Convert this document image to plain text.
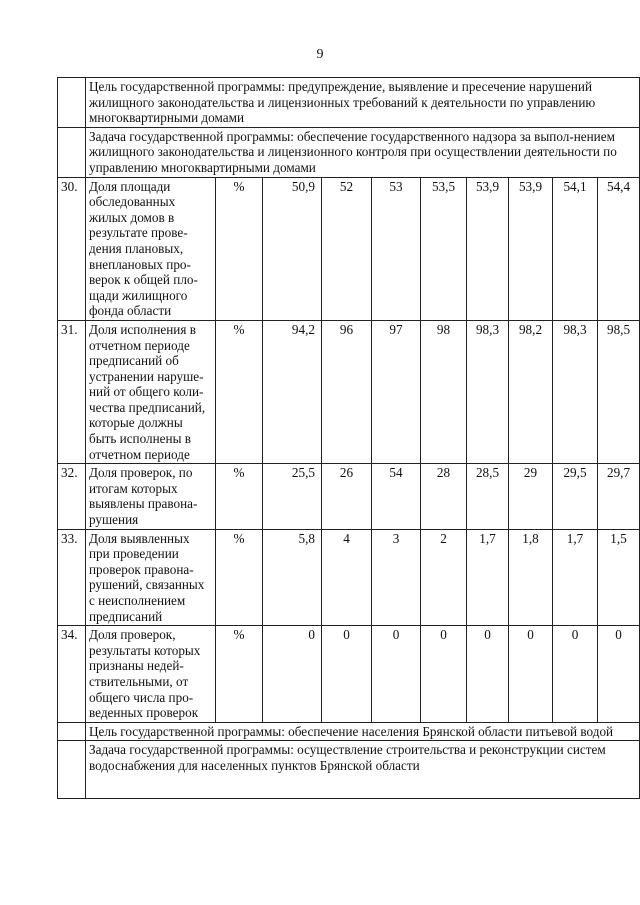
9
	Цель государственной программы: предупреждение, выявление и пресечение нарушений жилищного законодательства и лицензионных требований к деятельности по управлению многоквартирными домами									
	Задача государственной программы: обеспечение государственного надзора за выпол-нением жилищного законодательства и лицензионного контроля при осуществлении деятельности по управлению многоквартирными домами									
30.	Доля площади обследованных жилых домов в результате прове-дения плановых, внеплановых про-верок к общей пло-щади жилищного фонда области	%	50,9	52	53	53,5	53,9	53,9	54,1	54,4
31.	Доля исполнения в отчетном периоде предписаний об устранении наруше-ний от общего коли-чества предписаний, которые должны быть исполнены в отчетном периоде	%	94,2	96	97	98	98,3	98,2	98,3	98,5
32.	Доля проверок, по итогам которых выявлены правона-рушения	%	25,5	26	54	28	28,5	29	29,5	29,7
33.	Доля выявленных при проведении проверок правона-рушений, связанных с неисполнением предписаний	%	5,8	4	3	2	1,7	1,8	1,7	1,5
34.	Доля проверок, результаты которых признаны недей-ствительными, от общего числа про-веденных проверок	%	0	0	0	0	0	0	0	0
	Цель государственной программы: обеспечение населения Брянской области питьевой водой									
	Задача государственной программы: осуществление строительства и реконструкции систем водоснабжения для населенных пунктов Брянской области									
